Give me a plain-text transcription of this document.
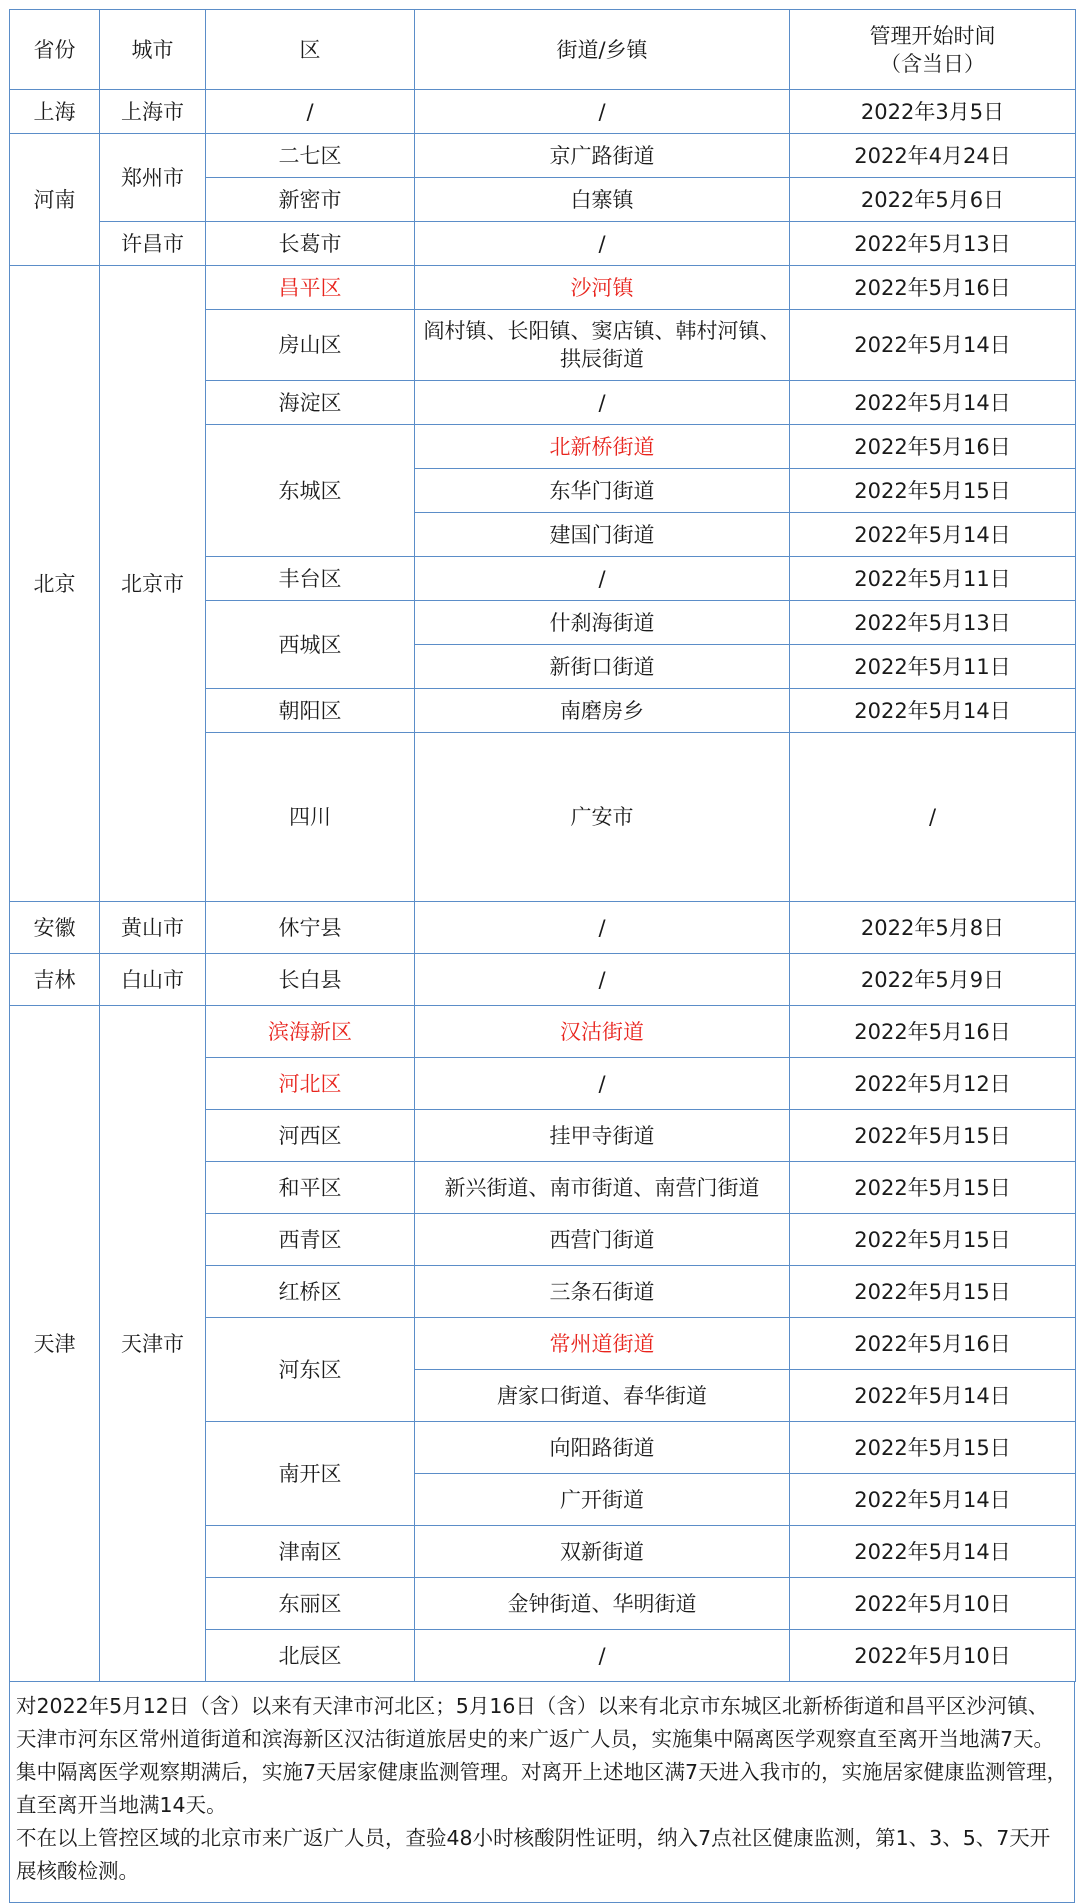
省份	城市	区	街道/乡镇	管理开始时间
（含当日）	
上海	上海市	/	/	2022年3月5日	
河南	郑州市	二七区	京广路街道	2022年4月24日	
		新密市	白寨镇	2022年5月6日	
	许昌市	长葛市	/	2022年5月13日	
北京	北京市	昌平区	沙河镇	2022年5月16日	
		房山区	阎村镇、长阳镇、窦店镇、韩村河镇、拱辰街道	2022年5月14日	
		海淀区	/	2022年5月14日	
		东城区	北新桥街道	2022年5月16日	
			东华门街道	2022年5月15日	
			建国门街道	2022年5月14日	
		丰台区	/	2022年5月11日	
		西城区	什刹海街道	2022年5月13日	
			新街口街道	2022年5月11日	
		朝阳区	南磨房乡	2022年5月14日	
		四川	广安市	/		
安徽	黄山市	休宁县	/	2022年5月8日	
吉林	白山市	长白县	/	2022年5月9日	
天津	天津市	滨海新区	汉沽街道	2022年5月16日	
		河北区	/	2022年5月12日	
		河西区	挂甲寺街道	2022年5月15日	
		和平区	新兴街道、南市街道、南营门街道	2022年5月15日	
		西青区	西营门街道	2022年5月15日	
		红桥区	三条石街道	2022年5月15日	
		河东区	常州道街道	2022年5月16日	
			唐家口街道、春华街道	2022年5月14日	
		南开区	向阳路街道	2022年5月15日	
			广开街道	2022年5月14日	
		津南区	双新街道	2022年5月14日	
		东丽区	金钟街道、华明街道	2022年5月10日	
		北辰区	/	2022年5月10日	

对2022年5月12日（含）以来有天津市河北区；5月16日（含）以来有北京市东城区北新桥街道和昌平区沙河镇、天津市河东区常州道街道和滨海新区汉沽街道旅居史的来广返广人员，实施集中隔离医学观察直至离开当地满7天。集中隔离医学观察期满后，实施7天居家健康监测管理。对离开上述地区满7天进入我市的，实施居家健康监测管理，直至离开当地满14天。

不在以上管控区域的北京市来广返广人员，查验48小时核酸阴性证明，纳入7点社区健康监测，第1、3、5、7天开展核酸检测。
